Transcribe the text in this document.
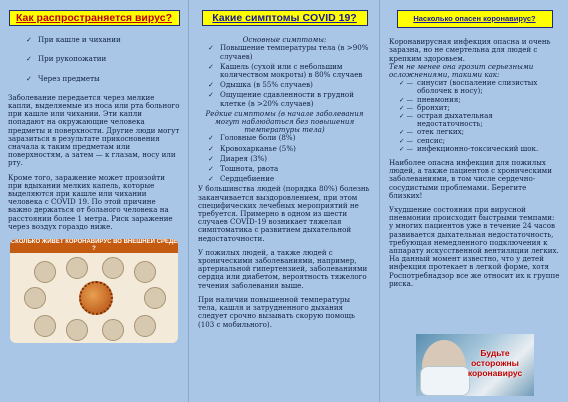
Как распространяется вирус?
✓ При кашле и чихании
✓ При рукопожатии
✓ Через предметы

Заболевание передается через мелкие капли, выделяемые из носа или рта больного при кашле или чихании. Эти капли попадают на окружающие человека предметы и поверхности. Другие люди могут заразиться в результате прикосновения сначала к таким предметам или поверхностям, а затем — к глазам, носу или рту.

Кроме того, заражение может произойти при вдыхании мелких капель, которые выделяются при кашле или чихании человека с COVID 19. По этой причине важно держаться от больного человека на расстоянии более 1 метра. Риск заражение через воздух гораздо ниже.

СКОЛЬКО ЖИВЕТ КОРОНАВИРУС ВО ВНЕШНЕЙ СРЕДЕ ?
Какие симптомы COVID 19?
Основные симптомы:
✓ Повышение температуры тела (в >90% случаев)
✓ Кашель (сухой или с небольшим количеством мокроты) в 80% случаев
✓ Одышка (в 55% случаев)
✓ Ощущение сдавленности в грудной клетке (в >20% случаев)
Редкие симптомы (в начале заболевания могут наблюдаться без повышения температуры тела)
✓ Головные боли (8%)
✓ Кровохарканье (5%)
✓ Диарея (3%)
✓ Тошнота, рвота
✓ Сердцебиение

У большинства людей (порядка 80%) болезнь заканчивается выздоровлением, при этом специфических лечебных мероприятий не требуется. Примерно в одном из шести случаев COVID-19 возникает тяжелая симптоматика с развитием дыхательной недостаточности.

У пожилых людей, а также людей с хроническими заболеваниями, например, артериальной гипертензией, заболеваниями сердца или диабетом, вероятность тяжелого течения заболевания выше.

При наличии повышенной температуры тела, кашля и затрудненного дыхания следует срочно вызывать скорую помощь (103 с мобильного).

Насколько опасен коронавирус?
Коронавирусная инфекция опасна и очень заразна, но не смертельна для людей с крепким здоровьем.
Тем не менее она грозит серьезными осложнениями, такими как:
✓ — синусит (воспаление слизистых оболочек в носу);
✓ — пневмония;
✓ — бронхит;
✓ — острая дыхательная недостаточность;
✓ — отек легких;
✓ — сепсис;
✓ — инфекционно-токсический шок.

Наиболее опасна инфекция для пожилых людей, а также пациентов с хроническими заболеваниями, в том числе сердечно-сосудистыми проблемами. Берегите близких!

Ухудшение состояния при вирусной пневмонии происходит быстрыми темпами: у многих пациентов уже в течение 24 часов развивается дыхательная недостаточность, требующая немедленного подключения к аппарату искусственной вентиляции легких. На данный момент известно, что у детей инфекция протекает в легкой форме, хотя Роспотребнадзор все же относит их к группе риска.

Будьте осторожны коронавирус
